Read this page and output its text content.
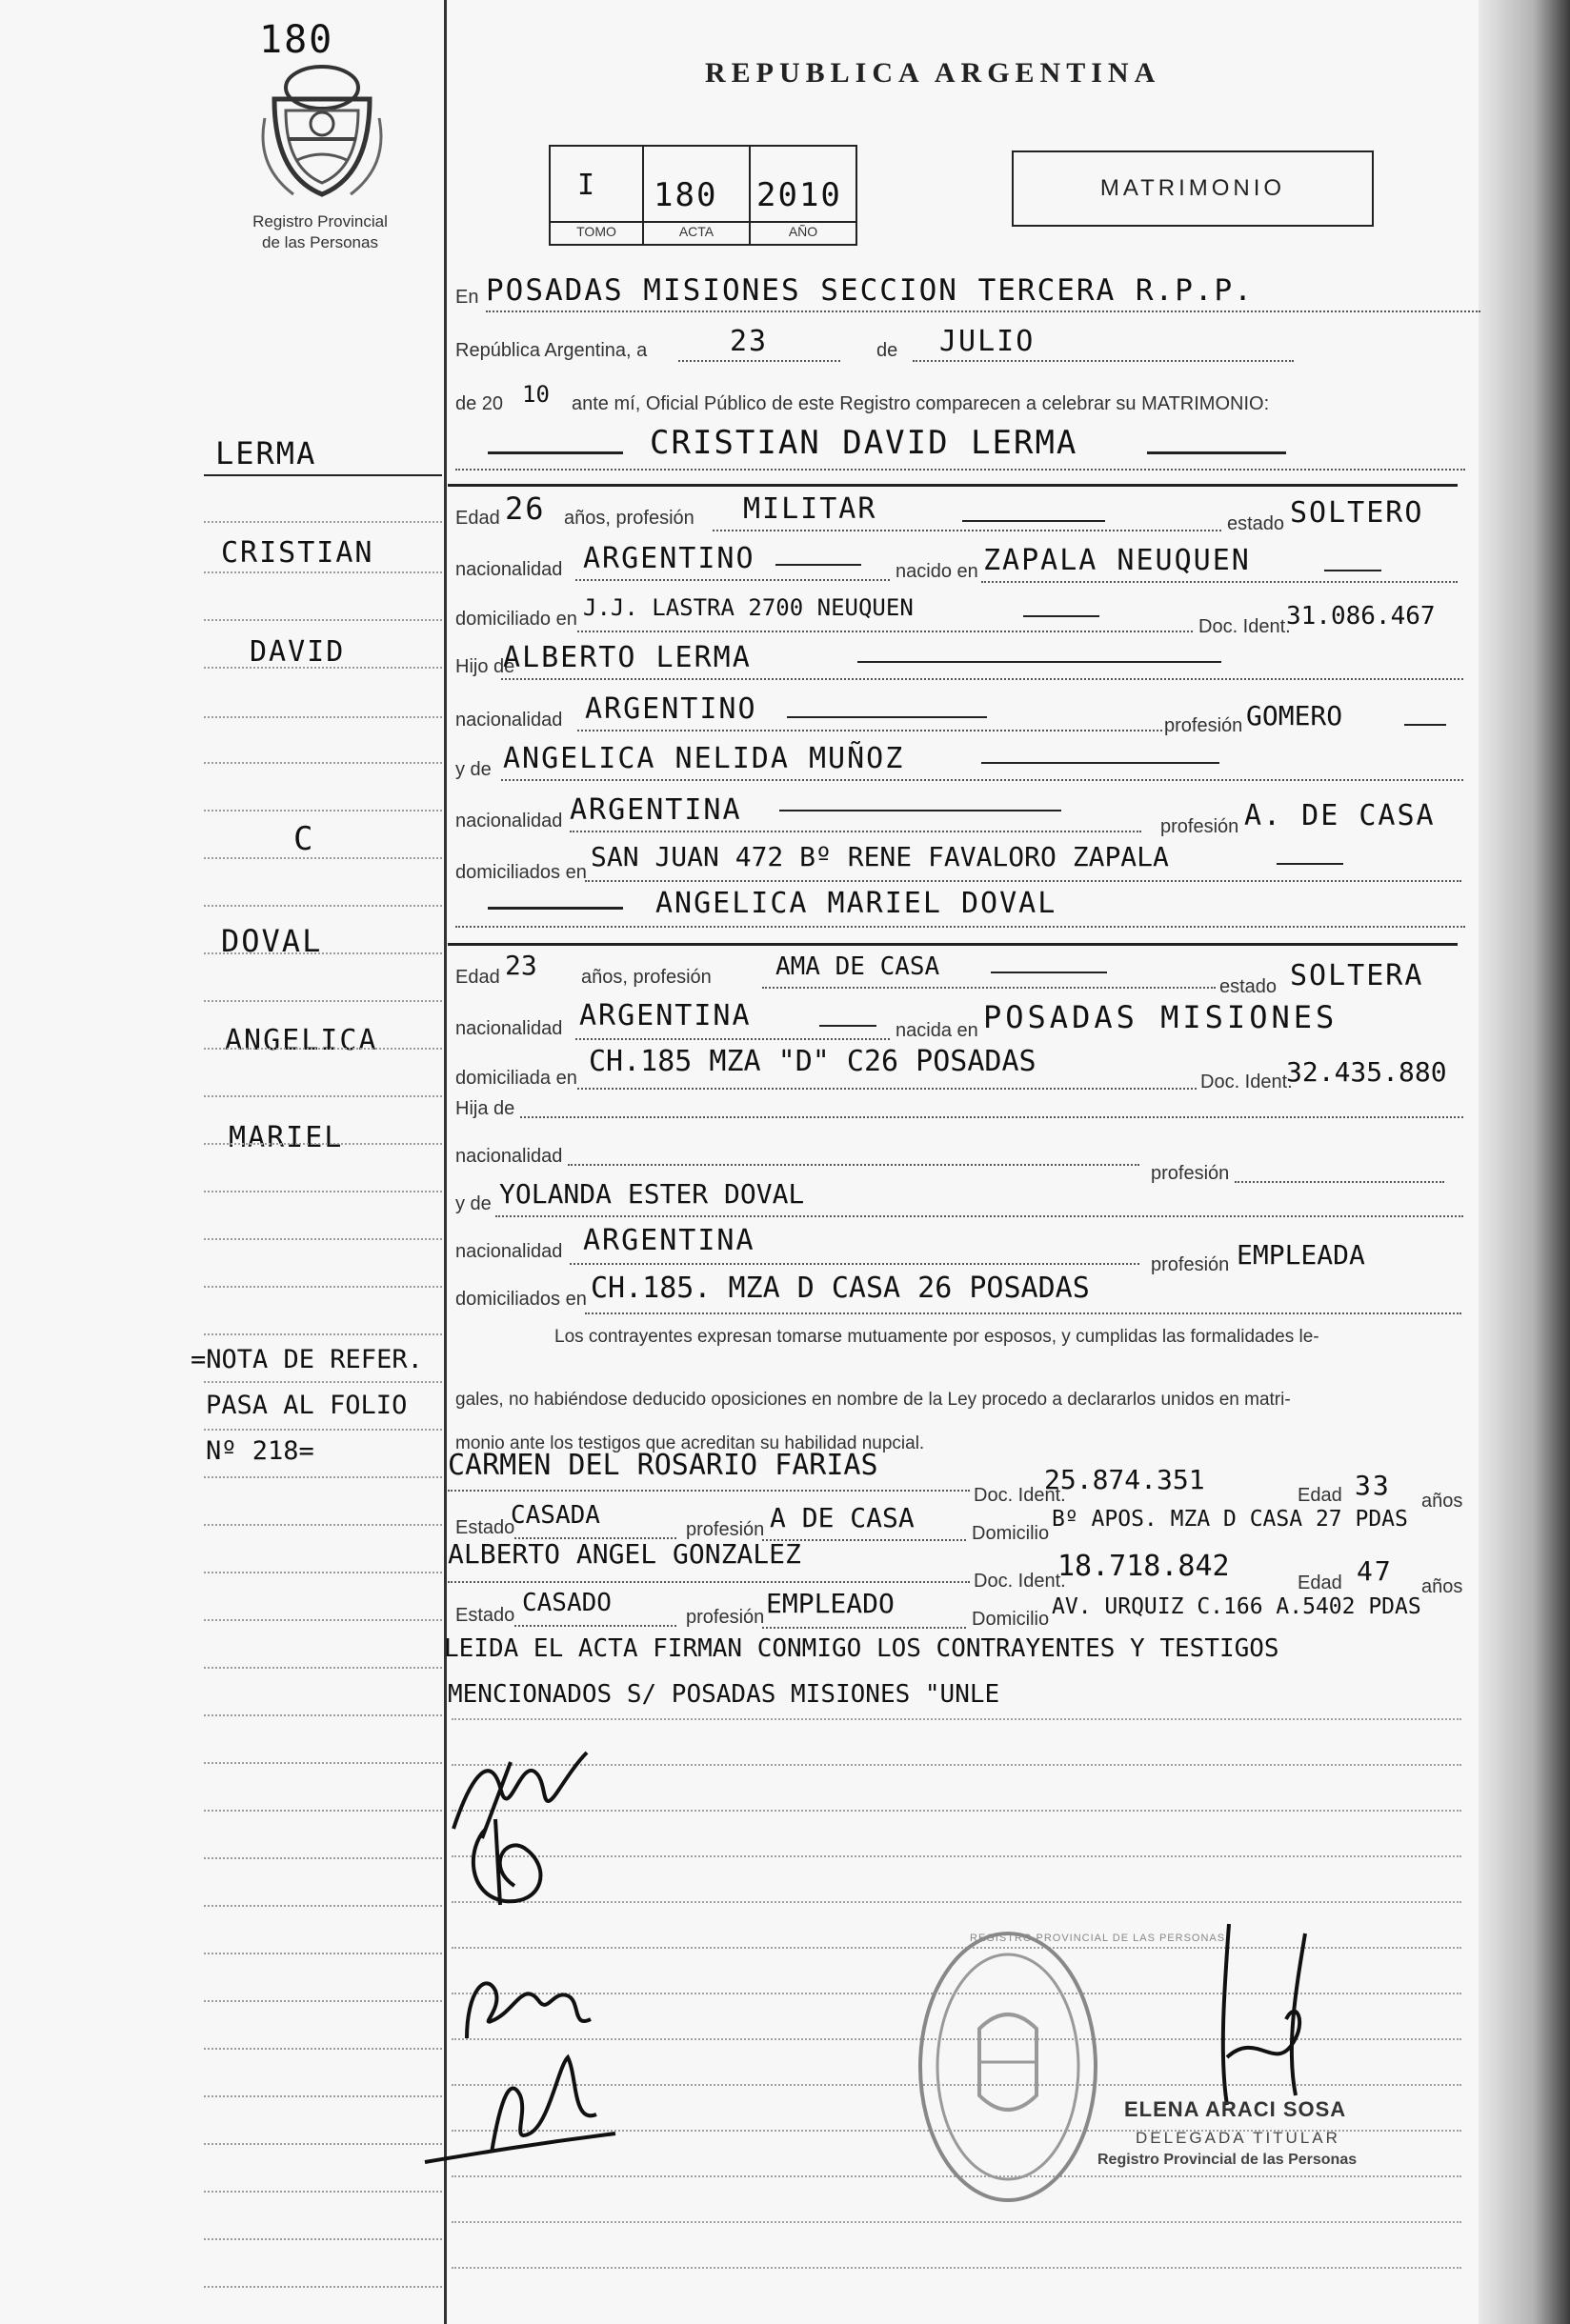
180
Registro Provincial
de las Personas
REPUBLICA ARGENTINA
I 180 2010
TOMO	ACTA	AÑO
MATRIMONIO
LERMA
CRISTIAN
DAVID
C
DOVAL
ANGELICA
MARIEL
=NOTA DE REFER.
PASA AL FOLIO
Nº 218=
En POSADAS MISIONES SECCION TERCERA R.P.P.
República Argentina, a	23	de JULIO
de 20 10 ante mí, Oficial Público de este Registro comparecen a celebrar su MATRIMONIO:
CRISTIAN DAVID LERMA
Edad 26 años, profesión MILITAR	estado SOLTERO
nacionalidad ARGENTINO	nacido en ZAPALA NEUQUEN
domiciliado en J.J. LASTRA 2700 NEUQUEN
Doc. Ident.
31.086.467
Hijo de
ALBERTO LERMA
nacionalidad ARGENTINO	profesión GOMERO
y de ANGELICA NELIDA MUÑOZ
nacionalidad ARGENTINA	profesión A. DE CASA
domiciliados en SAN JUAN 472 Bº RENE FAVALORO ZAPALA
ANGELICA MARIEL DOVAL
Edad 23 años, profesión	AMA DE CASA
estado SOLTERA
nacionalidad ARGENTINA	nacida en POSADAS MISIONES
domiciliada en CH.185 MZA "D" C26 POSADAS
Doc. Ident.
32.435.880
Hija de
nacionalidad
profesión
y de YOLANDA ESTER DOVAL
nacionalidad ARGENTINA
profesión EMPLEADA
domiciliados en CH.185. MZA D CASA 26 POSADAS
Los contrayentes expresan tomarse mutuamente por esposos, y cumplidas las formalidades le-
gales, no habiéndose deducido oposiciones en nombre de la Ley procedo a declararlos unidos en matri-
monio ante los testigos que acreditan su habilidad nupcial.
CARMEN DEL ROSARIO FARIAS
Doc. Ident.
25.874.351	Edad 33 años
Estado
CASADA	profesión A DE CASA	Domicilio
Bº APOS. MZA D CASA 27 PDAS
ALBERTO ANGEL GONZALEZ
Doc. Ident.
18.718.842	Edad 47 años
Estado CASADO	profesión EMPLEADO	Domicilio AV. URQUIZ C.166 A.5402 PDAS
LEIDA EL ACTA FIRMAN CONMIGO LOS CONTRAYENTES Y TESTIGOS
MENCIONADOS S/ POSADAS MISIONES "UNLE
REGISTRO PROVINCIAL DE LAS PERSONAS
ELENA ARACI SOSA
DELEGADA TITULAR
Registro Provincial de las Personas
